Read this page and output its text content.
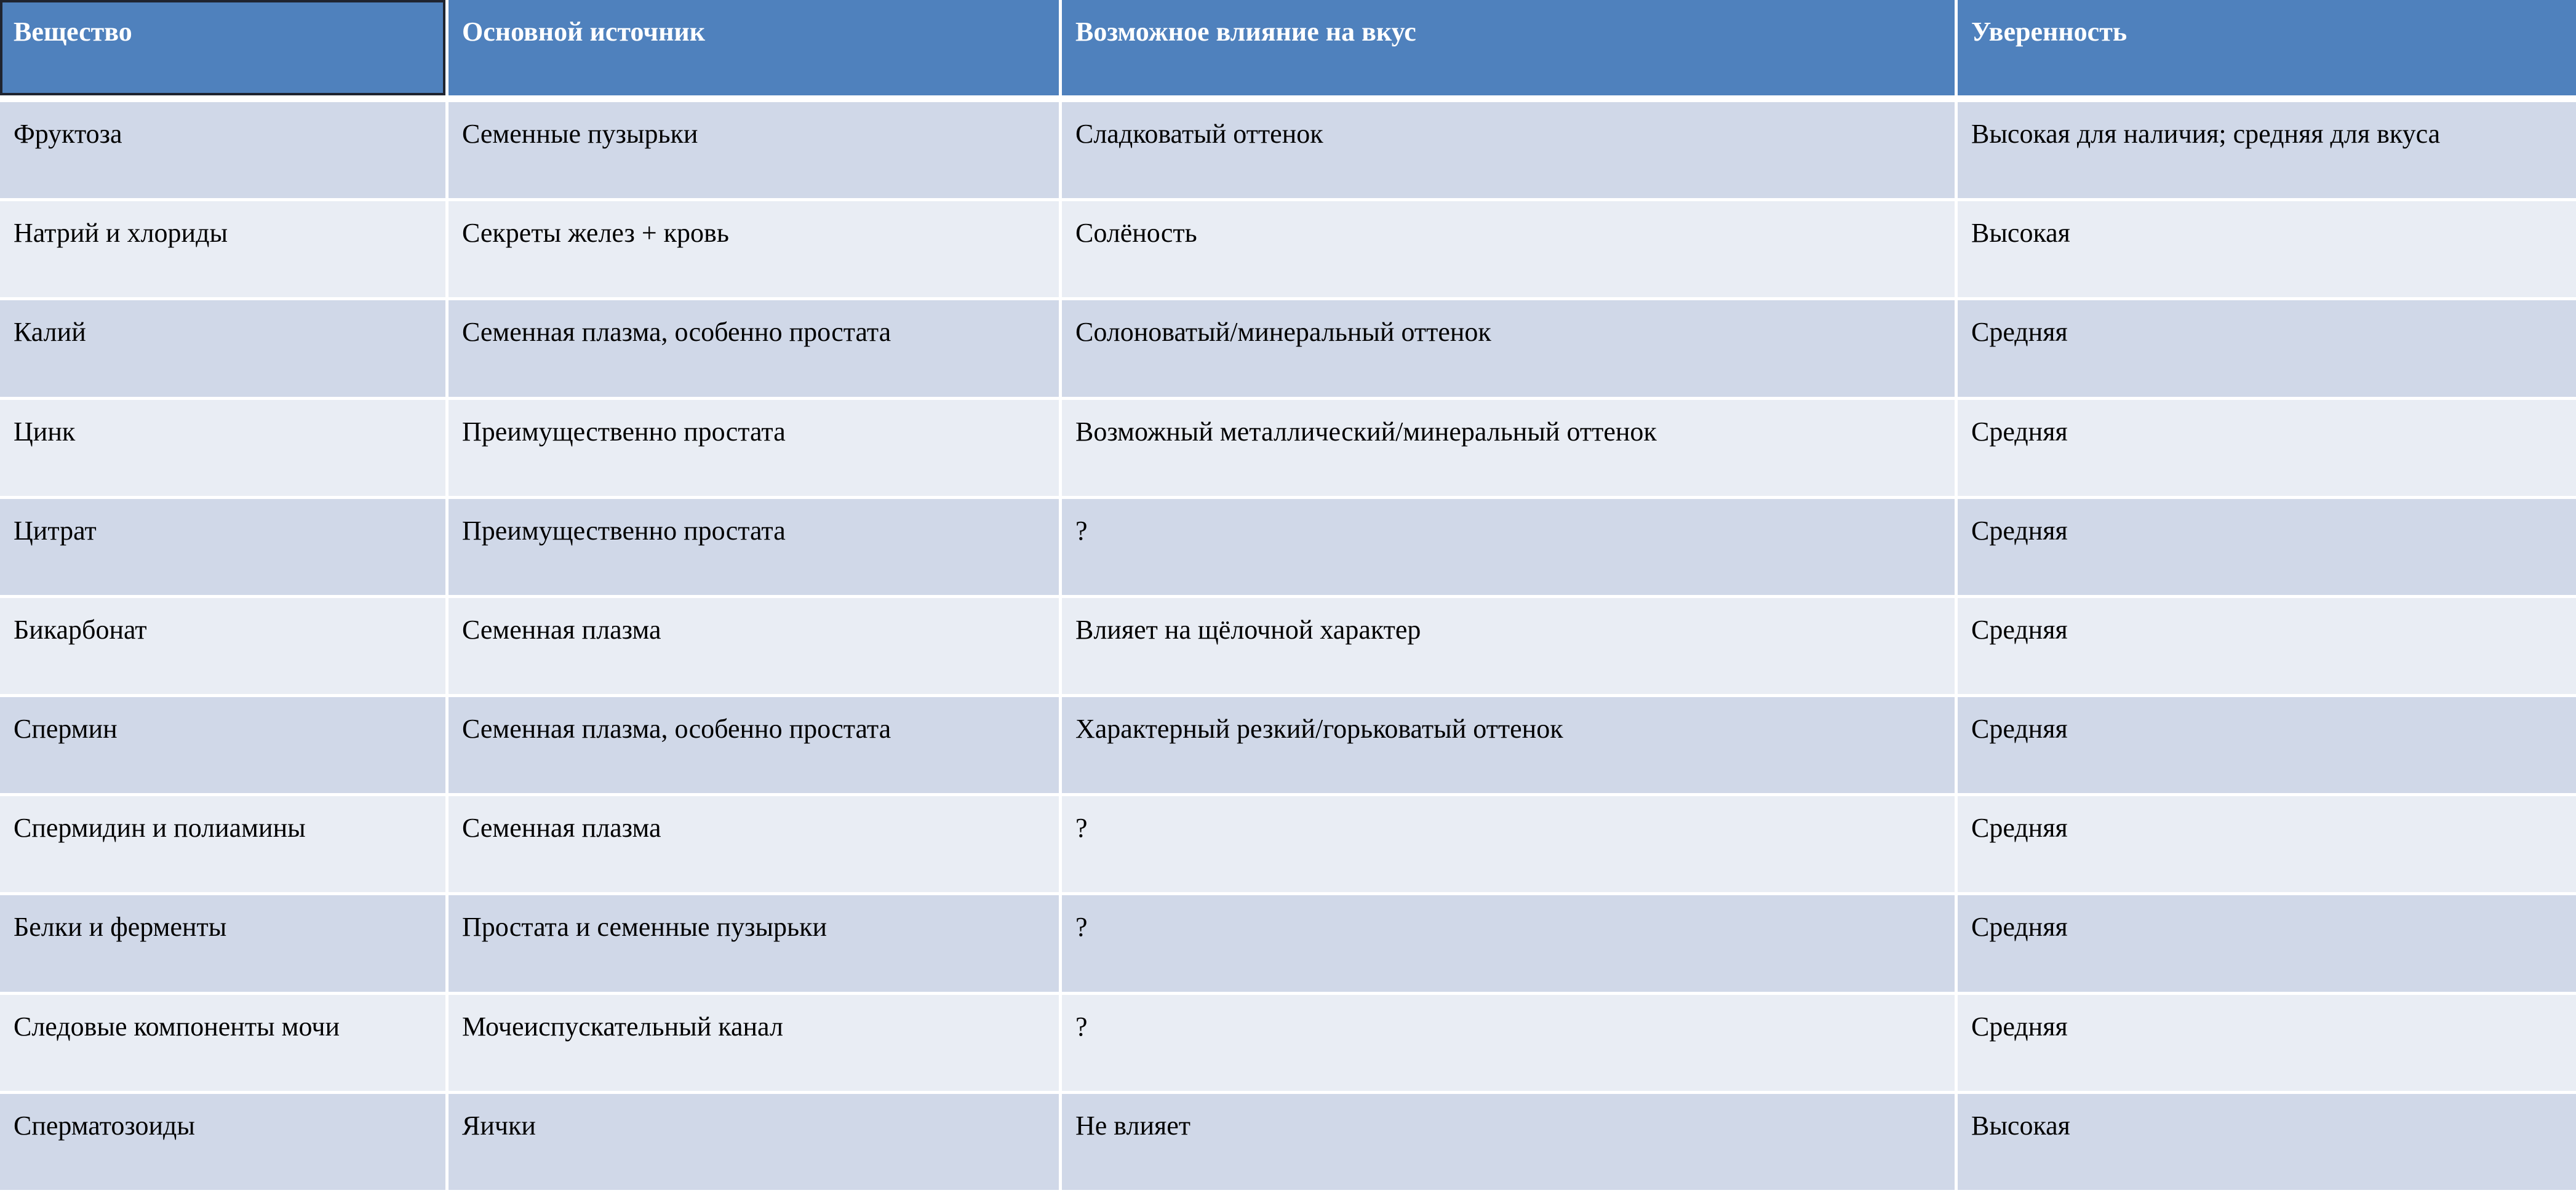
Вещество	Основной источник	Возможное влияние на вкус	Уверенность
Фруктоза	Семенные пузырьки	Сладковатый оттенок	Высокая для наличия; средняя для вкуса
Натрий и хлориды	Секреты желез + кровь	Солёность	Высокая
Калий	Семенная плазма, особенно простата	Солоноватый/минеральный оттенок	Средняя
Цинк	Преимущественно простата	Возможный металлический/минеральный оттенок	Средняя
Цитрат	Преимущественно простата	?	Средняя
Бикарбонат	Семенная плазма	Влияет на щёлочной характер	Средняя
Спермин	Семенная плазма, особенно простата	Характерный резкий/горьковатый оттенок	Средняя
Спермидин и полиамины	Семенная плазма	?	Средняя
Белки и ферменты	Простата и семенные пузырьки	?	Средняя
Следовые компоненты мочи	Мочеиспускательный канал	?	Средняя
Сперматозоиды	Яички	Не влияет	Высокая
